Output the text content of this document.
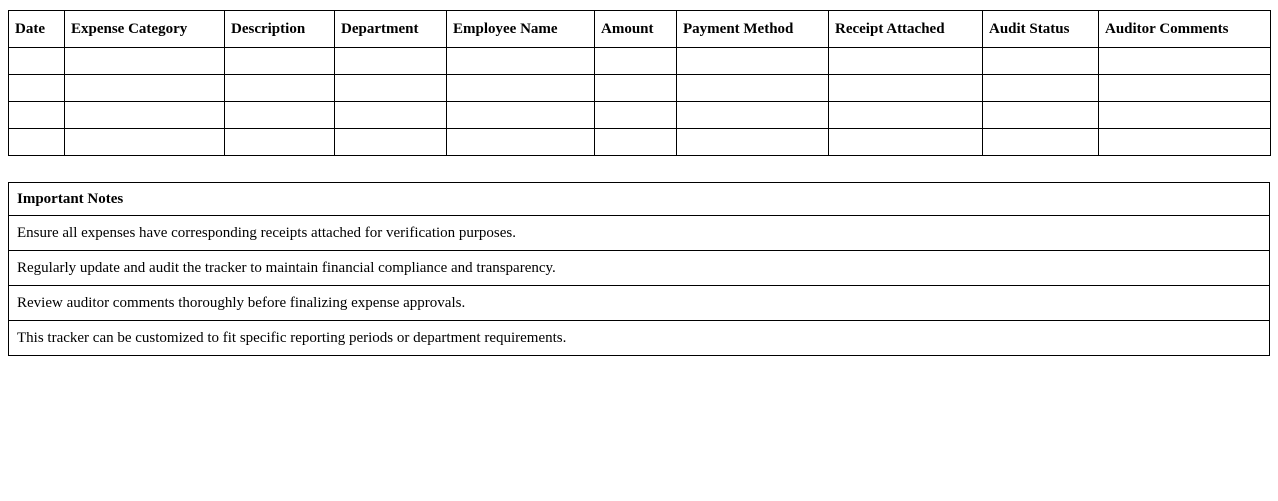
Date	Expense Category	Description	Department	Employee Name	Amount	Payment Method	Receipt Attached	Audit Status	Auditor Comments

Important Notes
Ensure all expenses have corresponding receipts attached for verification purposes.
Regularly update and audit the tracker to maintain financial compliance and transparency.
Review auditor comments thoroughly before finalizing expense approvals.
This tracker can be customized to fit specific reporting periods or department requirements.
